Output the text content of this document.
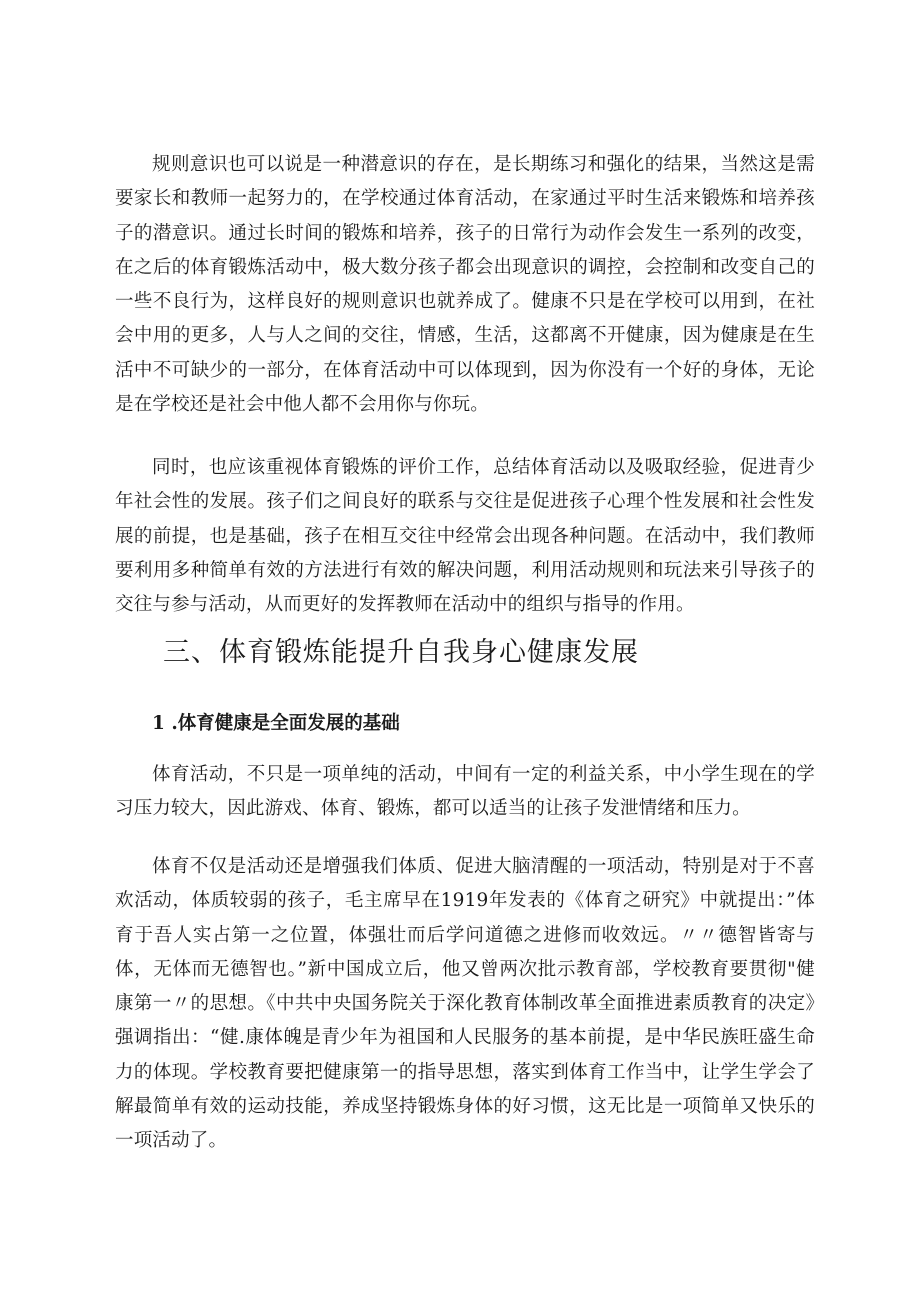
规则意识也可以说是一种潜意识的存在，是长期练习和强化的结果，当然这是需要家长和教师一起努力的，在学校通过体育活动，在家通过平时生活来锻炼和培养孩子的潜意识。通过长时间的锻炼和培养，孩子的日常行为动作会发生一系列的改变，在之后的体育锻炼活动中，极大数分孩子都会出现意识的调控，会控制和改变自己的一些不良行为，这样良好的规则意识也就养成了。健康不只是在学校可以用到，在社会中用的更多，人与人之间的交往，情感，生活，这都离不开健康，因为健康是在生活中不可缺少的一部分，在体育活动中可以体现到，因为你没有一个好的身体，无论是在学校还是社会中他人都不会用你与你玩。

同时，也应该重视体育锻炼的评价工作，总结体育活动以及吸取经验，促进青少年社会性的发展。孩子们之间良好的联系与交往是促进孩子心理个性发展和社会性发展的前提，也是基础，孩子在相互交往中经常会出现各种问题。在活动中，我们教师要利用多种简单有效的方法进行有效的解决问题，利用活动规则和玩法来引导孩子的交往与参与活动，从而更好的发挥教师在活动中的组织与指导的作用。

三、体育锻炼能提升自我身心健康发展
1 .体育健康是全面发展的基础

体育活动，不只是一项单纯的活动，中间有一定的利益关系，中小学生现在的学习压力较大，因此游戏、体育、锻炼，都可以适当的让孩子发泄情绪和压力。

体育不仅是活动还是增强我们体质、促进大脑清醒的一项活动，特别是对于不喜欢活动，体质较弱的孩子，毛主席早在1919年发表的《体育之研究》中就提出：”体育于吾人实占第一之位置，体强壮而后学问道德之进修而收效远。〃〃德智皆寄与体，无体而无德智也。”新中国成立后，他又曾两次批示教育部，学校教育要贯彻"健康第一〃的思想。《中共中央国务院关于深化教育体制改革全面推进素质教育的决定》强调指出：“健.康体魄是青少年为祖国和人民服务的基本前提，是中华民族旺盛生命力的体现。学校教育要把健康第一的指导思想，落实到体育工作当中，让学生学会了解最简单有效的运动技能，养成坚持锻炼身体的好习惯，这无比是一项简单又快乐的一项活动了。
